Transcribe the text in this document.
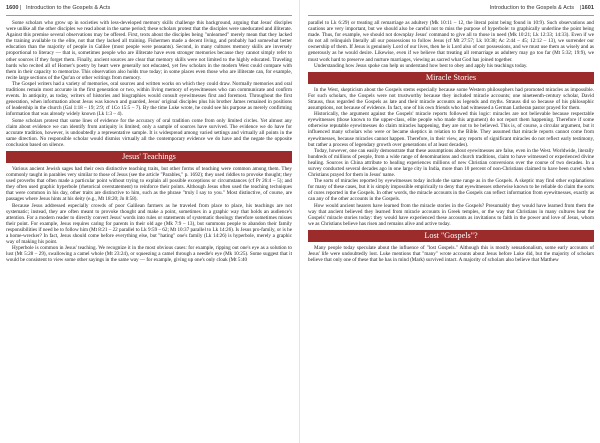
1600 | Introduction to the Gospels & Acts

Some scholars who grow up in societies with less-developed memory skills challenge this background, arguing that Jesus' disciples were unlike all the other disciples we read about in the same period; these scholars protest that the disciples were uneducated and illiterate. Against this premise several observations may be offered. First, texts about the disciples being "unlearned" merely mean that they lacked the training available to the elite, not that they lacked all training. Fishermen made a decent living, and probably had somewhat better education than the majority of people in Galilee (most people were peasants). Second, in many cultures memory skills are inversely proportional to literacy — that is, sometimes people who are illiterate have even stronger memories because they cannot simply refer to other sources if they forget them. Finally, ancient sources are clear that memory skills were not limited to the highly educated. Traveling bards who recited all of Homer's poetry by heart were generally not educated, yet few scholars in the modern West could compare with them in their capacity to memorize. This observation also holds true today; in some places even those who are illiterate can, for example, recite large sections of the Qur'an or other writings from memory.

The Gospel writers had a variety of memories, oral sources and written works on which they could draw. Normally memories and oral traditions remain most accurate in the first generation or two, within living memory of eyewitnesses who can communicate and confirm events. In antiquity, as today, writers of histories and biographies would consult eyewitnesses first and foremost. Throughout the first generation, when information about Jesus was known and guarded, Jesus' original disciples plus his brother James remained in positions of leadership in the church (Gal 1:18 – 19; 2:9; cf 1Co 15:5 – 7). By the time Luke wrote, he could see his purpose as merely confirming information that was already widely known (Lk 1:3 – 4).

Some scholars protest that some lines of evidence for the accuracy of oral tradition come from only limited circles. Yet almost any claim about evidence we can identify from antiquity is limited; only a sample of sources have survived. The evidence we do have for accurate tradition, however, is undoubtedly a representative sample. It is widespread among varied settings and virtually all points in the same direction. No responsible scholar would dismiss virtually all the contemporary evidence we do have and the negate the opposite conclusion based on silence.

Jesus' Teachings

Various ancient Jewish sages had their own distinctive teaching traits, but other forms of teaching were common among them. They commonly taught in parables very similar to those of Jesus (see the article "Parables," p. 1692); they used riddles to provoke thought; they used proverbs that often made a particular point without trying to explain all possible exceptions or circumstances (cf Pr 26:4 – 5); and they often used graphic hyperbole (rhetorical overstatement) to reinforce their points. Although Jesus often used the teaching techniques that were common in his day, other traits are distinctive to him, such as the phrase "truly I say to you." Most distinctive, of course, are passages where Jesus hints at his deity (e.g., Mt 18:20; Jn 8:58).

Because Jesus addressed especially crowds of poor Galilean farmers as he traveled from place to place, his teachings are not systematic; instead, they are often meant to provoke thought and make a point, sometimes in a graphic way that holds an audience's attention. For a modern reader to directly convert Jesus' words into rules or statements of systematic theology therefore sometimes misses their point. For example, Jesus requires caring for parents in their old age (Mk 7:9 – 13), but summons people to abandon their family responsibilities if need be to follow him (Mt 8:21 – 22 parallel to Lk 9:59 – 62; Mt 10:37 parallel to Lk 14:26). Is Jesus pro-family, or is he a home-wrecker? In fact, Jesus should come before everything else, but "hating" one's family (Lk 14:26) is hyperbole, merely a graphic way of making his point.

Hyperbole is common in Jesus' teaching. We recognize it in the most obvious cases: for example, ripping out one's eye as a solution to lust (Mt 5:28 – 29), swallowing a camel whole (Mt 23:24), or squeezing a camel through a needle's eye (Mk 10:25). Some suggest that it would be consistent to view some other sayings in the same way — for example, giving up one's only cloak (Mt 5:40

Introduction to the Gospels & Acts | 1601

parallel to Lk 6:29) or treating all remarriage as adultery (Mk 10:11 – 12, the literal point being found in 10:9). Such observations and cautions are very important, but we should also be careful not to miss the purpose of hyperbole: to graphically underline the point being made. Thus, for example, we should not downplay Jesus' command to give all to those in need (Mk 10:21; Lk 12:33; 14:33). Even if we do not all relinquish literally all our possessions to follow Jesus (cf Mt 27:57; Lk 10:38; Ac 2:44 – 45; 12:12 – 13), we surrender our ownership of them. If Jesus is genuinely Lord of our lives, then he is Lord also of our possessions, and we must use them as wisely and as generously as he would desire. Likewise, even if we believe that treating all remarriage as adultery may go too far (Mt 5:32; 19:9), we must work hard to preserve and nurture marriages, viewing as sacred what God has joined together.

Understanding how Jesus spoke can help us understand how best to obey and apply his teachings today.

Miracle Stories

In the West, skepticism about the Gospels stems especially because some Western philosophers had promoted miracles as impossible. For such scholars, the Gospels were not trustworthy because they included miracle accounts; one nineteenth-century scholar, David Strauss, thus regarded the Gospels as late and their miracle accounts as legends and myths. Strauss did so because of his philosophic assumptions, not because of evidence. In fact, one of his own friends who had witnessed a German Lutheran pastor prayed for them.

Historically, the argument against the Gospels' miracle reports followed this logic: miracles are not believable because respectable eyewitnesses (those known to the upper-class, elite people who made this argument) do not report them happening. Therefore if some otherwise reputable eyewitnesses do claim miracles happening, they are not to be believed. This is, of course, a circular argument, but it influenced many scholars who were or became skeptics in relation to the Bible. They assumed that miracle reports cannot come from eyewitnesses, because miracles cannot happen. Therefore, in their view, any reports of significant miracles do not reflect early testimony, but rather a process of legendary growth over generations of at least decades).

Today, however, one can easily demonstrate that these assumptions about eyewitnesses are false, even in the West. Worldwide, literally hundreds of millions of people, from a wide range of denominations and church traditions, claim to have witnessed or experienced divine healing. Sources in China attribute to healing experiences millions of new Christian conversions over the course of two decades. In a survey conducted several decades ago in one large city in India, more than 10 percent of non-Christians claimed to have been cured when Christians prayed for them in Jesus' name.

The sorts of miracles reported by eyewitnesses today include the same range as in the Gospels. A skeptic may find other explanations for many of these cases, but it is simply impossible empirically to deny that eyewitnesses otherwise known to be reliable do claim the sorts of cures reported in the Gospels. In other words, the miracle accounts in the Gospels can reflect information from eyewitnesses, exactly as can any of the other accounts in the Gospels.

How would ancient hearers have learned from the miracle stories in the Gospels? Presumably they would have learned from them the way that ancient believed they learned from miracle accounts in Greek temples, or the way that Christians in many cultures hear the Gospels' miracle stories today: they would have experienced these accounts as invitations to faith in the power and love of Jesus, whom we as Christians believe has risen and remains alive and active today.

Lost "Gospels"?

Many people today speculate about the influence of "lost Gospels." Although this is mostly sensationalism, some early accounts of Jesus' life were undoubtedly lost. Luke mentions that "many" wrote accounts about Jesus before Luke did, but the majority of scholars believe that only one of these that he has in mind (Mark) survived intact. A majority of scholars also believe that Matthew
